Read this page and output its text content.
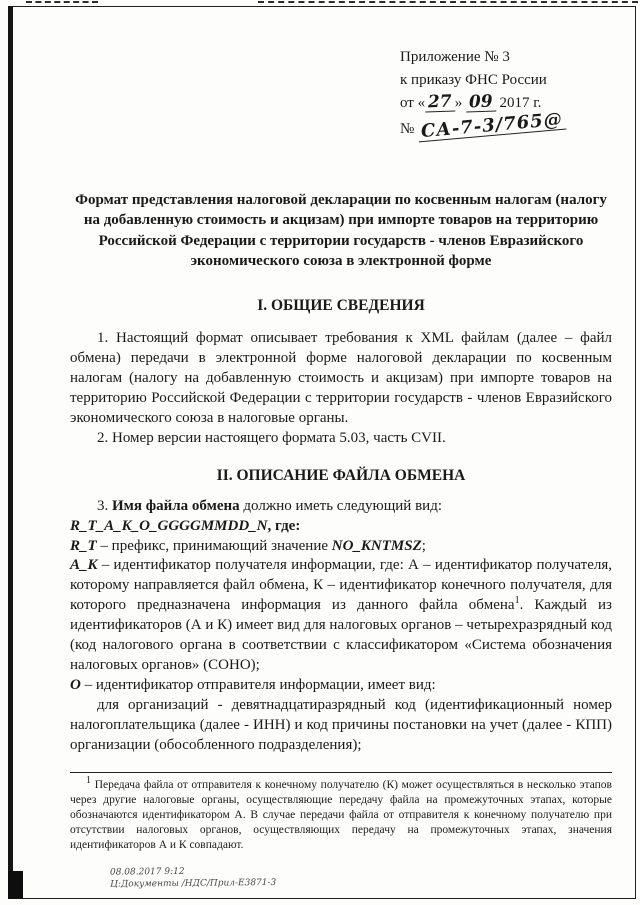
Приложение № 3
к приказу ФНС России
от « 27 » 09 2017 г.
№ СА-7-3/765@
Формат представления налоговой декларации по косвенным налогам (налогу на добавленную стоимость и акцизам) при импорте товаров на территорию Российской Федерации с территории государств - членов Евразийского экономического союза в электронной форме
I. ОБЩИЕ СВЕДЕНИЯ

1. Настоящий формат описывает требования к XML файлам (далее – файл обмена) передачи в электронной форме налоговой декларации по косвенным налогам (налогу на добавленную стоимость и акцизам) при импорте товаров на территорию Российской Федерации с территории государств - членов Евразийского экономического союза в налоговые органы.

2. Номер версии настоящего формата 5.03, часть CVII.

II. ОПИСАНИЕ ФАЙЛА ОБМЕНА

3. Имя файла обмена должно иметь следующий вид:

R_T_A_K_O_GGGGMMDD_N, где:

R_T – префикс, принимающий значение NO_KNTMSZ;

A_K – идентификатор получателя информации, где: А – идентификатор получателя, которому направляется файл обмена, К – идентификатор конечного получателя, для которого предназначена информация из данного файла обмена$^1$. Каждый из идентификаторов (А и К) имеет вид для налоговых органов – четырехразрядный код (код налогового органа в соответствии с классификатором «Система обозначения налоговых органов» (СОНО);

О – идентификатор отправителя информации, имеет вид:

для организаций - девятнадцатиразрядный код (идентификационный номер налогоплательщика (далее - ИНН) и код причины постановки на учет (далее - КПП) организации (обособленного подразделения);

$^1$ Передача файла от отправителя к конечному получателю (К) может осуществляться в несколько этапов через другие налоговые органы, осуществляющие передачу файла на промежуточных этапах, которые обозначаются идентификатором А. В случае передачи файла от отправителя к конечному получателю при отсутствии налоговых органов, осуществляющих передачу на промежуточных этапах, значения идентификаторов А и К совпадают.

08.08.2017 9:12
Ц:Документы /НДС/Прил-Е3871-3
